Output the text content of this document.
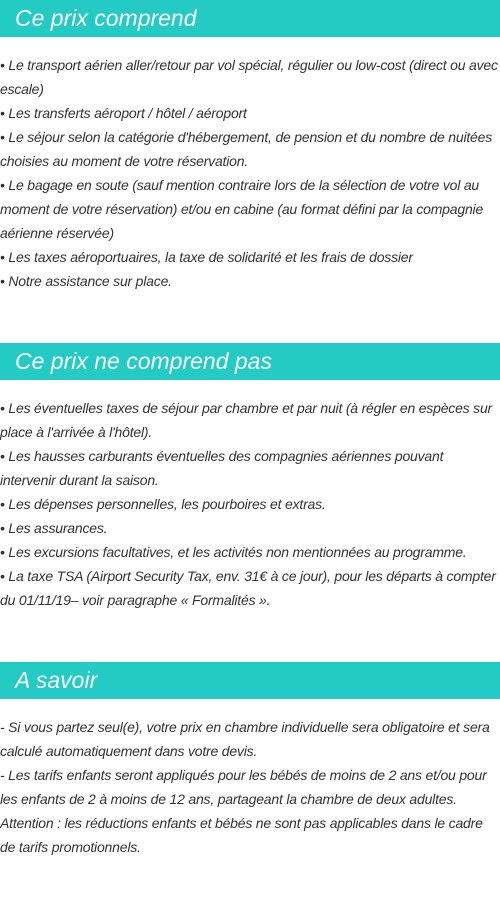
Ce prix comprend
• Le transport aérien aller/retour par vol spécial, régulier ou low-cost (direct ou avec escale)
• Les transferts aéroport / hôtel / aéroport
• Le séjour selon la catégorie d'hébergement, de pension et du nombre de nuitées choisies au moment de votre réservation.
• Le bagage en soute (sauf mention contraire lors de la sélection de votre vol au moment de votre réservation) et/ou en cabine (au format défini par la compagnie aérienne réservée)
• Les taxes aéroportuaires, la taxe de solidarité et les frais de dossier
• Notre assistance sur place.
Ce prix ne comprend pas
• Les éventuelles taxes de séjour par chambre et par nuit (à régler en espèces sur place à l'arrivée à l'hôtel).
• Les hausses carburants éventuelles des compagnies aériennes pouvant intervenir durant la saison.
• Les dépenses personnelles, les pourboires et extras.
• Les assurances.
• Les excursions facultatives, et les activités non mentionnées au programme.
• La taxe TSA (Airport Security Tax, env. 31€ à ce jour), pour les départs à compter du 01/11/19– voir paragraphe « Formalités ».
A savoir
- Si vous partez seul(e), votre prix en chambre individuelle sera obligatoire et sera calculé automatiquement dans votre devis.
- Les tarifs enfants seront appliqués pour les bébés de moins de 2 ans et/ou pour les enfants de 2 à moins de 12 ans, partageant la chambre de deux adultes.
Attention : les réductions enfants et bébés ne sont pas applicables dans le cadre de tarifs promotionnels.
